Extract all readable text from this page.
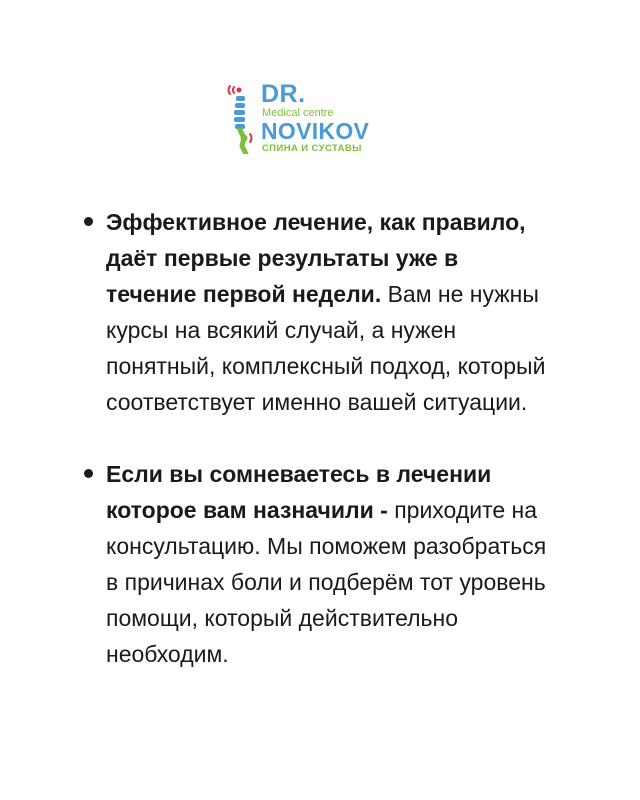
DR.
Medical centre
NOVIKOV
СПИНА И СУСТАВЫ

Эффективное лечение, как правило, даёт первые результаты уже в течение первой недели. Вам не нужны курсы на всякий случай, а нужен понятный, комплексный подход, который соответствует именно вашей ситуации.

Если вы сомневаетесь в лечении которое вам назначили - приходите на консультацию. Мы поможем разобраться в причинах боли и подберём тот уровень помощи, который действительно необходим.
